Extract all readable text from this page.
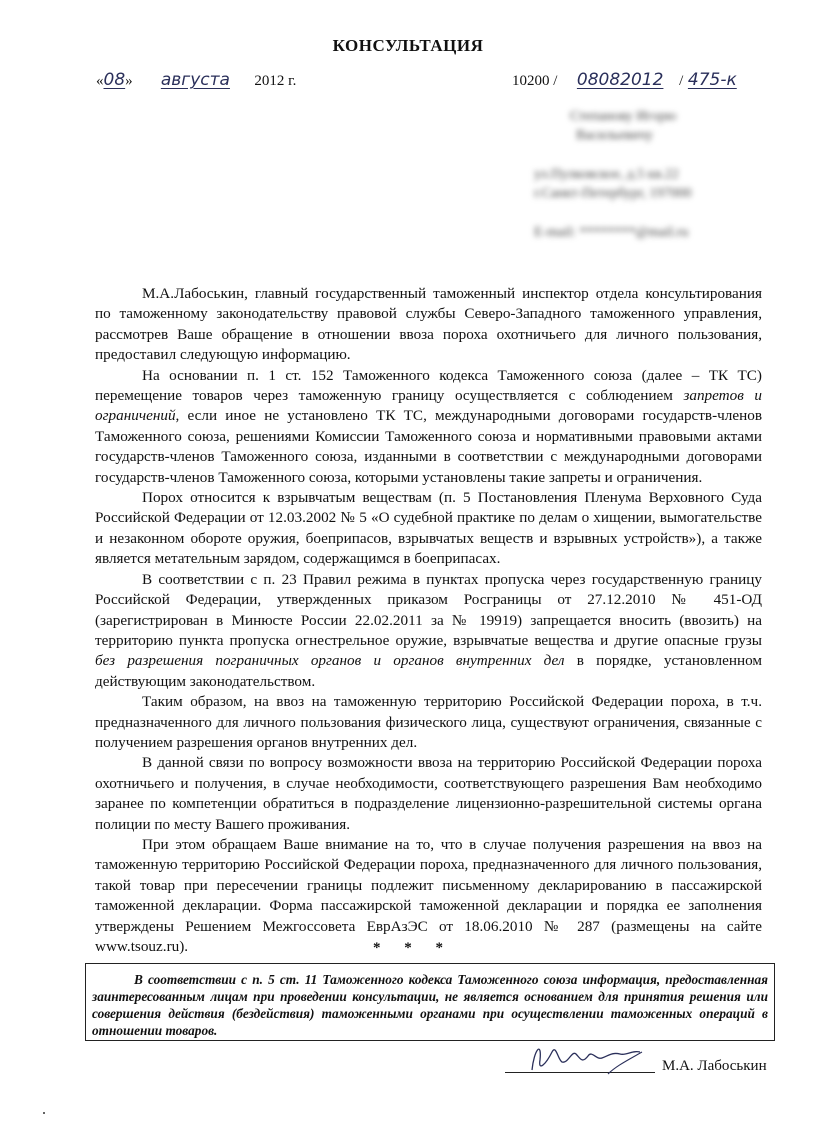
КОНСУЛЬТАЦИЯ
«08» августа 2012 г.	10200 / 08082012 / 475-к
Степанову Игорю
Васильевичу
ул.Пулковское, д.5 кв.22
г.Санкт-Петербург, 197000
E-mail: ********@mail.ru

М.А.Лабоськин, главный государственный таможенный инспектор отдела консультирования по таможенному законодательству правовой службы Северо-Западного таможенного управления, рассмотрев Ваше обращение в отношении ввоза пороха охотничьего для личного пользования, предоставил следующую информацию.

На основании п. 1 ст. 152 Таможенного кодекса Таможенного союза (далее – ТК ТС) перемещение товаров через таможенную границу осуществляется с соблюдением запретов и ограничений, если иное не установлено ТК ТС, международными договорами государств-членов Таможенного союза, решениями Комиссии Таможенного союза и нормативными правовыми актами государств-членов Таможенного союза, изданными в соответствии с международными договорами государств-членов Таможенного союза, которыми установлены такие запреты и ограничения.

Порох относится к взрывчатым веществам (п. 5 Постановления Пленума Верховного Суда Российской Федерации от 12.03.2002 № 5 «О судебной практике по делам о хищении, вымогательстве и незаконном обороте оружия, боеприпасов, взрывчатых веществ и взрывных устройств»), а также является метательным зарядом, содержащимся в боеприпасах.

В соответствии с п. 23 Правил режима в пунктах пропуска через государственную границу Российской Федерации, утвержденных приказом Росграницы от 27.12.2010 № 451-ОД (зарегистрирован в Минюсте России 22.02.2011 за № 19919) запрещается вносить (ввозить) на территорию пункта пропуска огнестрельное оружие, взрывчатые вещества и другие опасные грузы без разрешения пограничных органов и органов внутренних дел в порядке, установленном действующим законодательством.

Таким образом, на ввоз на таможенную территорию Российской Федерации пороха, в т.ч. предназначенного для личного пользования физического лица, существуют ограничения, связанные с получением разрешения органов внутренних дел.

В данной связи по вопросу возможности ввоза на территорию Российской Федерации пороха охотничьего и получения, в случае необходимости, соответствующего разрешения Вам необходимо заранее по компетенции обратиться в подразделение лицензионно-разрешительной системы органа полиции по месту Вашего проживания.

При этом обращаем Ваше внимание на то, что в случае получения разрешения на ввоз на таможенную территорию Российской Федерации пороха, предназначенного для личного пользования, такой товар при пересечении границы подлежит письменному декларированию в пассажирской таможенной декларации. Форма пассажирской таможенной декларации и порядка ее заполнения утверждены Решением Межгоссовета ЕврАзЭС от 18.06.2010 № 287 (размещены на сайте www.tsouz.ru).	* * *

В соответствии с п. 5 ст. 11 Таможенного кодекса Таможенного союза информация, предоставленная заинтересованным лицам при проведении консультации, не является основанием для принятия решения или совершения действия (бездействия) таможенными органами при осуществлении таможенных операций в отношении товаров.

М.А. Лабоськин
